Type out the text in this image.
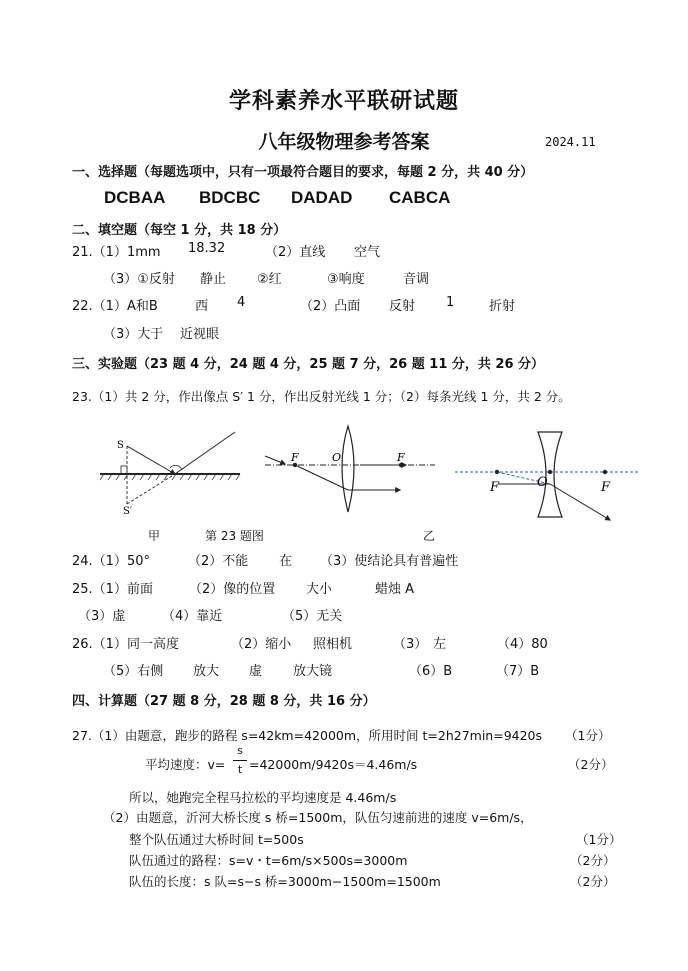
学科素养水平联研试题
八年级物理参考答案	2024.11
一、选择题（每题选项中，只有一项最符合题目的要求，每题 2 分，共 40 分）
DCBAA BDCBC DADAD CABCA
二、填空题（每空 1 分，共 18 分）
21.（1）1mm 18.32	（2）直线 空气
（3）①反射 静止 ②红	③响度	音调
22.（1）A和B	西 4	（2）凸面 反射 1	折射
（3）大于 近视眼
三、实验题（23 题 4 分，24 题 4 分，25 题 7 分，26 题 11 分，共 26 分）
23.（1）共 2 分，作出像点 S′ 1 分，作出反射光线 1 分；（2）每条光线 1 分，共 2 分。
S
S′
F	O	F
F	O	F
甲	第 23 题图	乙
24.（1）50°	（2）不能 在 （3）使结论具有普遍性
25.（1）前面	（2）像的位置 大小	蜡烛 A
（3）虚	（4）靠近	（5）无关
26.（1）同一高度	（2）缩小 照相机	（3） 左	（4）80
（5）右侧 放大 虚 放大镜	（6）B	（7）B
四、计算题（27 题 8 分，28 题 8 分，共 16 分）
27.（1）由题意，跑步的路程 s=42km=42000m，所用时间 t=2h27min=9420s （1分）
平均速度：v=
s
t =42000m/9420s＝4.46m/s	（2分）
所以，她跑完全程马拉松的平均速度是 4.46m/s
（2）由题意，沂河大桥长度 s 桥=1500m，队伍匀速前进的速度 v=6m/s，
整个队伍通过大桥时间 t=500s	（1分）
队伍通过的路程：s=v・t=6m/s×500s=3000m	（2分）
队伍的长度：s 队=s−s 桥=3000m−1500m=1500m	（2分）
